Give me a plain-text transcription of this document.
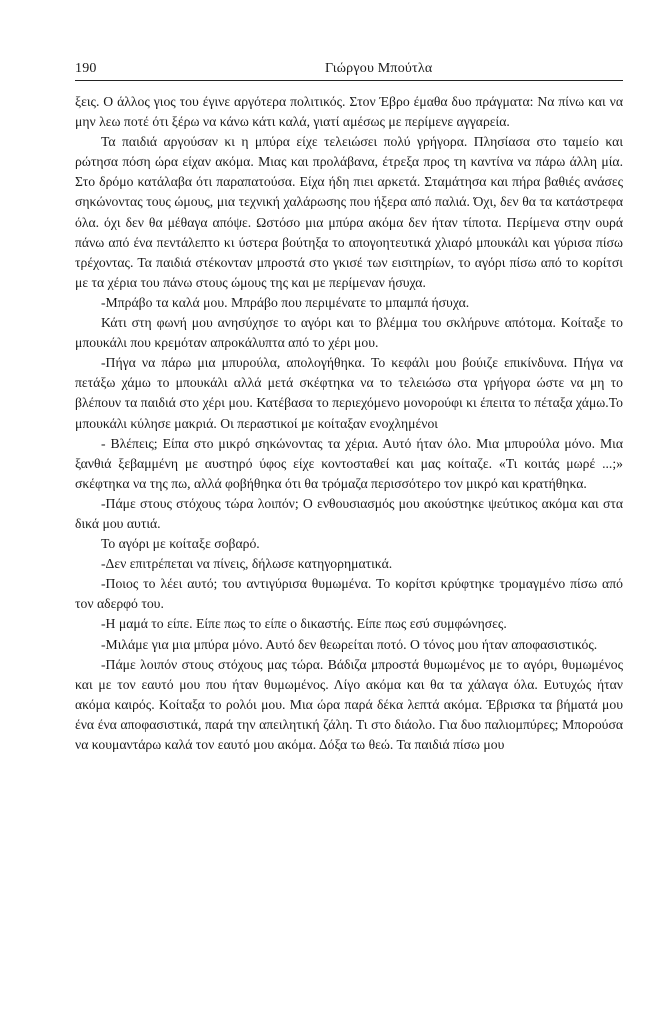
190	Γιώργου Μπούτλα

ξεις. Ο άλλος γιος του έγινε αργότερα πολιτικός. Στον Έβρο έμαθα δυο πράγματα: Να πίνω και να μην λεω ποτέ ότι ξέρω να κάνω κάτι καλά, γιατί αμέσως με περίμενε αγγαρεία.

Τα παιδιά αργούσαν κι η μπύρα είχε τελειώσει πολύ γρήγορα. Πλησίασα στο ταμείο και ρώτησα πόση ώρα είχαν ακόμα. Μιας και προλάβανα, έτρεξα προς τη καντίνα να πάρω άλλη μία. Στο δρόμο κατάλαβα ότι παραπατούσα. Είχα ήδη πιει αρκετά. Σταμάτησα και πήρα βαθιές ανάσες σηκώνοντας τους ώμους, μια τεχνική χαλάρωσης που ήξερα από παλιά. Όχι, δεν θα τα κατάστρεφα όλα. όχι δεν θα μέθαγα απόψε. Ωστόσο μια μπύρα ακόμα δεν ήταν τίποτα. Περίμενα στην ουρά πάνω από ένα πεντάλεπτο κι ύστερα βούτηξα το απογοητευτικά χλιαρό μπουκάλι και γύρισα πίσω τρέχοντας. Τα παιδιά στέκονταν μπροστά στο γκισέ των εισιτηρίων, το αγόρι πίσω από το κορίτσι με τα χέρια του πάνω στους ώμους της και με περίμεναν ήσυχα.

-Μπράβο τα καλά μου. Μπράβο που περιμένατε το μπαμπά ήσυχα.

Κάτι στη φωνή μου ανησύχησε το αγόρι και το βλέμμα του σκλήρυνε απότομα. Κοίταξε το μπουκάλι που κρεμόταν απροκάλυπτα από το χέρι μου.

-Πήγα να πάρω μια μπυρούλα, απολογήθηκα. Το κεφάλι μου βούιζε επικίνδυνα. Πήγα να πετάξω χάμω το μπουκάλι αλλά μετά σκέφτηκα να το τελειώσω στα γρήγορα ώστε να μη το βλέπουν τα παιδιά στο χέρι μου. Κατέβασα το περιεχόμενο μονορούφι κι έπειτα το πέταξα χάμω.Το μπουκάλι κύλησε μακριά. Οι περαστικοί με κοίταξαν ενοχλημένοι

- Βλέπεις; Είπα στο μικρό σηκώνοντας τα χέρια. Αυτό ήταν όλο. Μια μπυρούλα μόνο. Μια ξανθιά ξεβαμμένη με αυστηρό ύφος είχε κοντοσταθεί και μας κοίταζε. «Τι κοιτάς μωρέ ...;» σκέφτηκα να της πω, αλλά φοβήθηκα ότι θα τρόμαζα περισσότερο τον μικρό και κρατήθηκα.

-Πάμε στους στόχους τώρα λοιπόν; Ο ενθουσιασμός μου ακούστηκε ψεύτικος ακόμα και στα δικά μου αυτιά.

Το αγόρι με κοίταξε σοβαρό.

-Δεν επιτρέπεται να πίνεις, δήλωσε κατηγορηματικά.

-Ποιος το λέει αυτό; του αντιγύρισα θυμωμένα. Το κορίτσι κρύφτηκε τρομαγμένο πίσω από τον αδερφό του.

-Η μαμά το είπε. Είπε πως το είπε ο δικαστής. Είπε πως εσύ συμφώνησες.

-Μιλάμε για μια μπύρα μόνο. Αυτό δεν θεωρείται ποτό. Ο τόνος μου ήταν αποφασιστικός.

-Πάμε λοιπόν στους στόχους μας τώρα. Βάδιζα μπροστά θυμωμένος με το αγόρι, θυμωμένος και με τον εαυτό μου που ήταν θυμωμένος. Λίγο ακόμα και θα τα χάλαγα όλα. Ευτυχώς ήταν ακόμα καιρός. Κοίταξα το ρολόι μου. Μια ώρα παρά δέκα λεπτά ακόμα. Έβρισκα τα βήματά μου ένα ένα αποφασιστικά, παρά την απειλητική ζάλη. Τι στο διάολο. Για δυο παλιομπύρες; Μπορούσα να κουμαντάρω καλά τον εαυτό μου ακόμα. Δόξα τω θεώ. Τα παιδιά πίσω μου
